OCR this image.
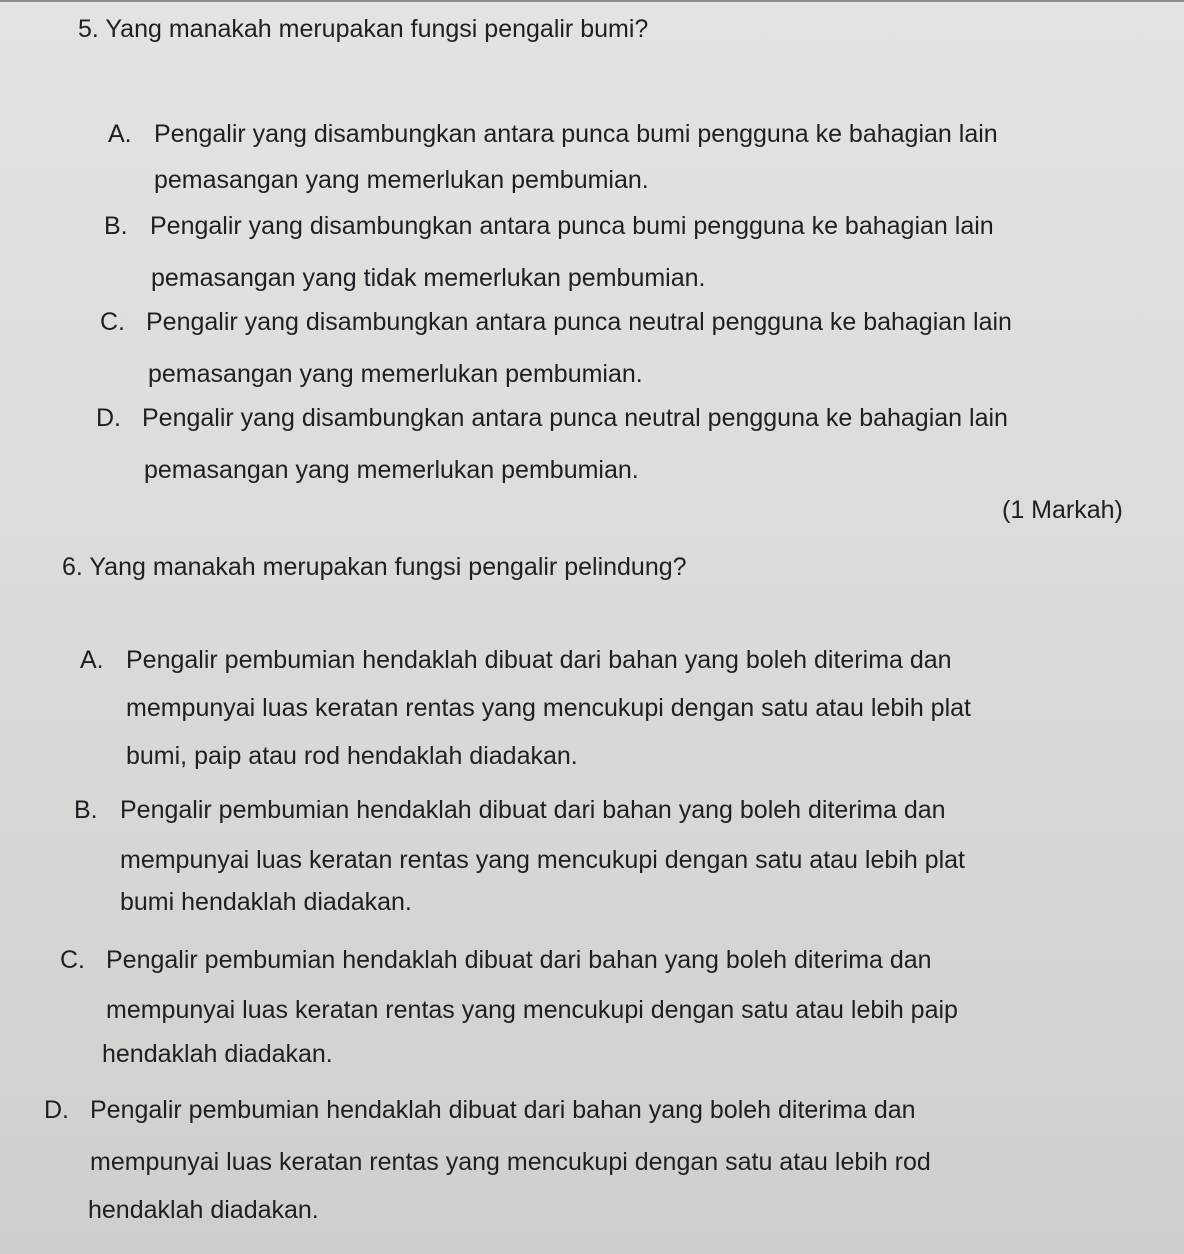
5. Yang manakah merupakan fungsi pengalir bumi?
A. Pengalir yang disambungkan antara punca bumi pengguna ke bahagian lain
pemasangan yang memerlukan pembumian.
B. Pengalir yang disambungkan antara punca bumi pengguna ke bahagian lain
pemasangan yang tidak memerlukan pembumian.
C. Pengalir yang disambungkan antara punca neutral pengguna ke bahagian lain
pemasangan yang memerlukan pembumian.
D. Pengalir yang disambungkan antara punca neutral pengguna ke bahagian lain
pemasangan yang memerlukan pembumian.
(1 Markah)
6. Yang manakah merupakan fungsi pengalir pelindung?
A. Pengalir pembumian hendaklah dibuat dari bahan yang boleh diterima dan
mempunyai luas keratan rentas yang mencukupi dengan satu atau lebih plat
bumi, paip atau rod hendaklah diadakan.
B. Pengalir pembumian hendaklah dibuat dari bahan yang boleh diterima dan
mempunyai luas keratan rentas yang mencukupi dengan satu atau lebih plat
bumi hendaklah diadakan.
C. Pengalir pembumian hendaklah dibuat dari bahan yang boleh diterima dan
mempunyai luas keratan rentas yang mencukupi dengan satu atau lebih paip
hendaklah diadakan.
D. Pengalir pembumian hendaklah dibuat dari bahan yang boleh diterima dan
mempunyai luas keratan rentas yang mencukupi dengan satu atau lebih rod
hendaklah diadakan.
